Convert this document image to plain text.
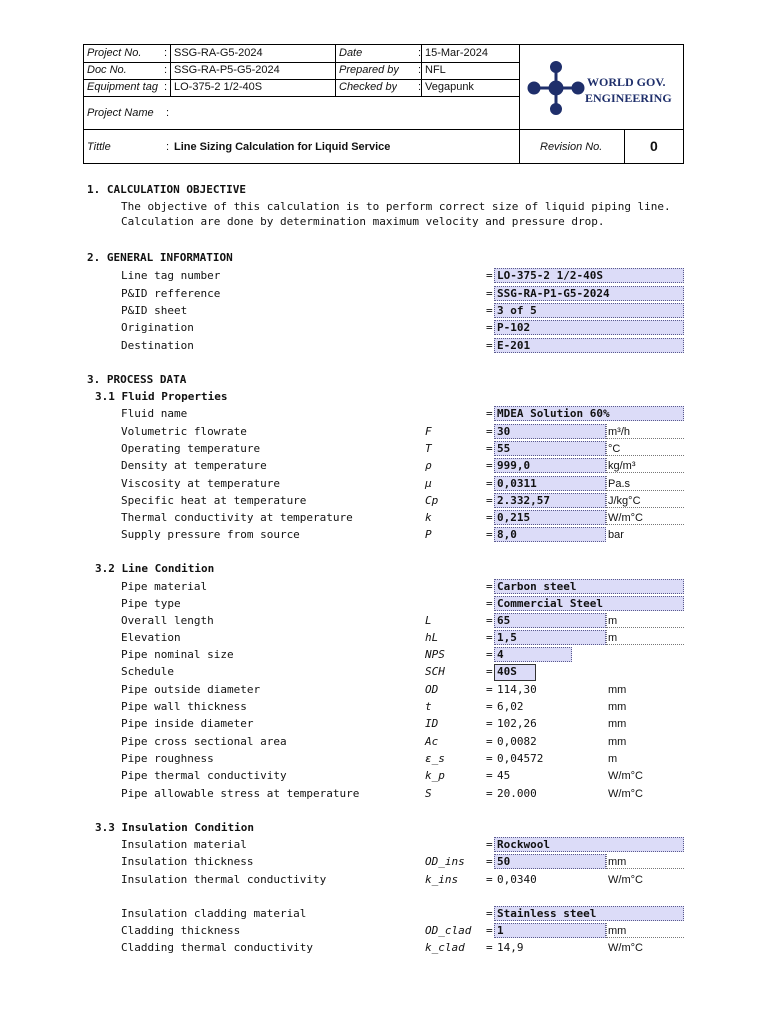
Project No. : SSG-RA-G5-2024	Date	: 15-Mar-2024
Doc No.	: SSG-RA-P5-G5-2024	Prepared by : NFL
Equipment tag : LO-375-2 1/2-40S	Checked by : Vegapunk
Project Name :
Tittle	: Line Sizing Calculation for Liquid Service	Revision No.	0
WORLD GOV.
ENGINEERING
1. CALCULATION OBJECTIVE
The objective of this calculation is to perform correct size of liquid piping line.
Calculation are done by determination maximum velocity and pressure drop.
2. GENERAL INFORMATION
Line tag number	= LO-375-2 1/2-40S
P&ID refference	= SSG-RA-P1-G5-2024
P&ID sheet	= 3 of 5
Origination	= P-102
Destination	= E-201
3. PROCESS DATA
3.1 Fluid Properties
Fluid name	= MDEA Solution 60%
Volumetric flowrate	F	= 30	m³/h
Operating temperature	T	= 55	°C
Density at temperature	ρ	= 999,0	kg/m³
Viscosity at temperature	μ	= 0,0311	Pa.s
Specific heat at temperature	Cp	= 2.332,57	J/kg°C
Thermal conductivity at temperature	k	= 0,215	W/m°C
Supply pressure from source	P	= 8,0	bar
3.2 Line Condition
Pipe material	= Carbon steel
Pipe type	= Commercial Steel
Overall length	L	= 65	m
Elevation	hL	= 1,5	m
Pipe nominal size	NPS	= 4
Schedule	SCH	= 40S
Pipe outside diameter	OD	= 114,30	mm
Pipe wall thickness	t	= 6,02	mm
Pipe inside diameter	ID	= 102,26	mm
Pipe cross sectional area	Ac	= 0,0082	mm
Pipe roughness	ε_s	= 0,04572	m
Pipe thermal conductivity	k_p	= 45	W/m°C
Pipe allowable stress at temperature	S	= 20.000	W/m°C
3.3 Insulation Condition
Insulation material	= Rockwool
Insulation thickness	OD_ins = 50	mm
Insulation thermal conductivity	k_ins	= 0,0340	W/m°C
Insulation cladding material	= Stainless steel
Cladding thickness	OD_clad = 1	mm
Cladding thermal conductivity	k_clad = 14,9	W/m°C
